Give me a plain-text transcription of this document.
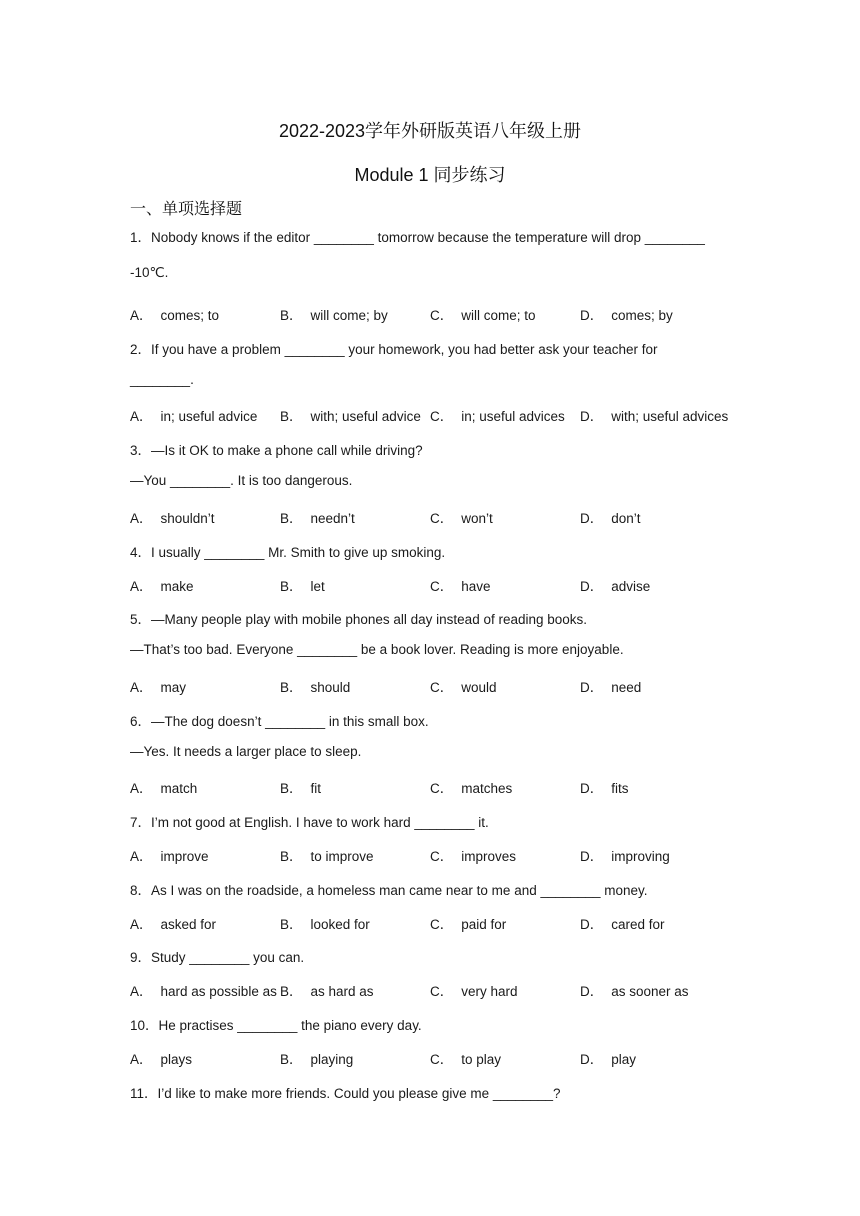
2022-2023学年外研版英语八年级上册
Module 1 同步练习
一、单项选择题
1．Nobody knows if the editor ________ tomorrow because the temperature will drop ________
-10℃.
A． comes; to	B． will come; by	C． will come; to	D． comes; by
2．If you have a problem ________ your homework, you had better ask your teacher for
________.
A． in; useful advice B． with; useful advice C． in; useful advices D． with; useful advices
3．—Is it OK to make a phone call while driving?
—You ________. It is too dangerous.
A． shouldn’t	B． needn’t	C． won’t	D． don’t
4．I usually ________ Mr. Smith to give up smoking.
A． make	B． let	C． have	D． advise
5．—Many people play with mobile phones all day instead of reading books.
—That’s too bad. Everyone ________ be a book lover. Reading is more enjoyable.
A． may	B． should	C． would	D． need
6．—The dog doesn’t ________ in this small box.
—Yes. It needs a larger place to sleep.
A． match	B． fit	C． matches	D． fits
7．I’m not good at English. I have to work hard ________ it.
A． improve	B． to improve	C． improves	D． improving
8．As I was on the roadside, a homeless man came near to me and ________ money.
A． asked for	B． looked for	C． paid for	D． cared for
9．Study ________ you can.
A． hard as possible as B． as hard as	C． very hard	D． as sooner as
10．He practises ________ the piano every day.
A． plays	B． playing	C． to play	D． play
11．I’d like to make more friends. Could you please give me ________?
